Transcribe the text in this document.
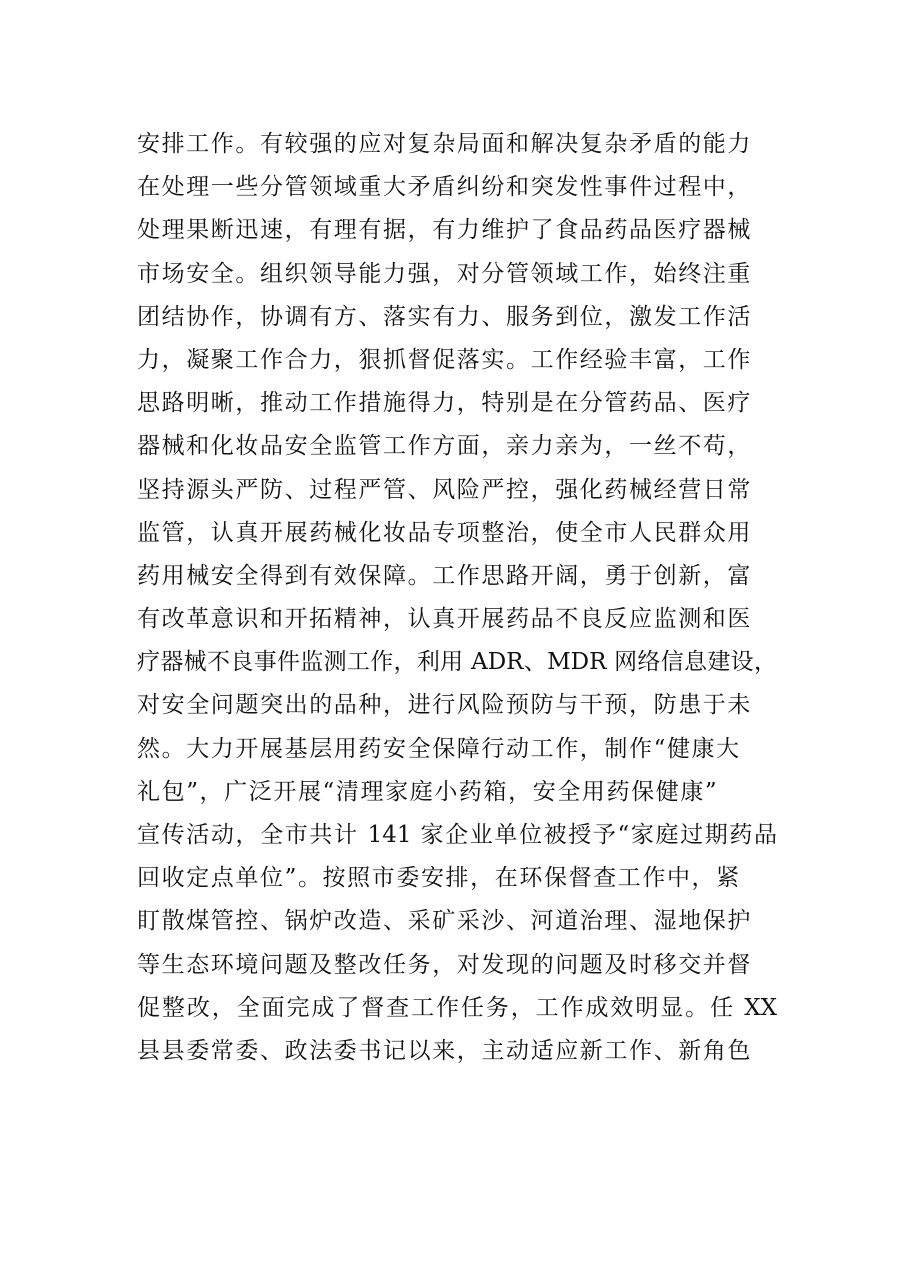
安排工作。有较强的应对复杂局面和解决复杂矛盾的能力
在处理一些分管领域重大矛盾纠纷和突发性事件过程中，
处理果断迅速，有理有据，有力维护了食品药品医疗器械
市场安全。组织领导能力强，对分管领域工作，始终注重
团结协作，协调有方、落实有力、服务到位，激发工作活
力，凝聚工作合力，狠抓督促落实。工作经验丰富，工作
思路明晰，推动工作措施得力，特别是在分管药品、医疗
器械和化妆品安全监管工作方面，亲力亲为，一丝不苟，
坚持源头严防、过程严管、风险严控，强化药械经营日常
监管，认真开展药械化妆品专项整治，使全市人民群众用
药用械安全得到有效保障。工作思路开阔，勇于创新，富
有改革意识和开拓精神，认真开展药品不良反应监测和医
疗器械不良事件监测工作，利用 ADR、MDR 网络信息建设，
对安全问题突出的品种，进行风险预防与干预，防患于未
然。大力开展基层用药安全保障行动工作，制作“健康大
礼包”，广泛开展“清理家庭小药箱，安全用药保健康”
宣传活动，全市共计 141 家企业单位被授予“家庭过期药品
回收定点单位”。按照市委安排，在环保督查工作中，紧
盯散煤管控、锅炉改造、采矿采沙、河道治理、湿地保护
等生态环境问题及整改任务，对发现的问题及时移交并督
促整改，全面完成了督查工作任务，工作成效明显。任 XX
县县委常委、政法委书记以来，主动适应新工作、新角色
